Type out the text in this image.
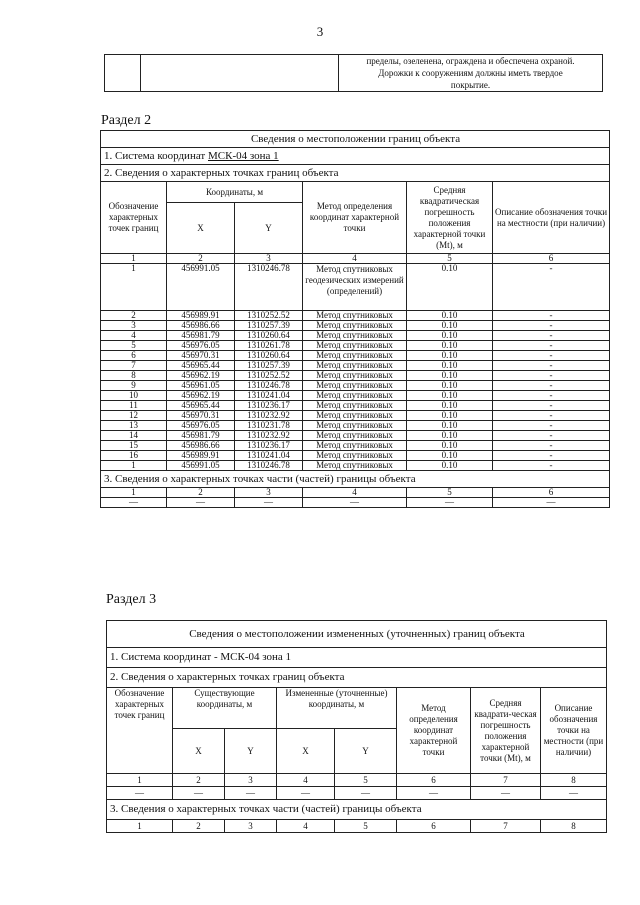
3

пределы, озеленена, ограждена и обеспечена охраной.
Дорожки к сооружениям должны иметь твердое
покрытие.
Раздел 2
Сведения о местоположении границ объекта					
1. Система координат МСК-04 зона 1					
2. Сведения о характерных точках границ объекта					
Обозначение характерных точек границ	Координаты, м		Метод определения координат характерной точки	Средняя квадратическая погрешность положения характерной точки (Mt), м	Описание обозначения точки на местности (при наличии)
	X	Y			
1	2	3	4	5	6
1	456991.05	1310246.78	Метод спутниковых геодезических измерений (определений)	0.10	-
2	456989.91	1310252.52	Метод спутниковых	0.10	-
3	456986.66	1310257.39	Метод спутниковых	0.10	-
4	456981.79	1310260.64	Метод спутниковых	0.10	-
5	456976.05	1310261.78	Метод спутниковых	0.10	-
6	456970.31	1310260.64	Метод спутниковых	0.10	-
7	456965.44	1310257.39	Метод спутниковых	0.10	-
8	456962.19	1310252.52	Метод спутниковых	0.10	-
9	456961.05	1310246.78	Метод спутниковых	0.10	-
10	456962.19	1310241.04	Метод спутниковых	0.10	-
11	456965.44	1310236.17	Метод спутниковых	0.10	-
12	456970.31	1310232.92	Метод спутниковых	0.10	-
13	456976.05	1310231.78	Метод спутниковых	0.10	-
14	456981.79	1310232.92	Метод спутниковых	0.10	-
15	456986.66	1310236.17	Метод спутниковых	0.10	-
16	456989.91	1310241.04	Метод спутниковых	0.10	-
1	456991.05	1310246.78	Метод спутниковых	0.10	-
3. Сведения о характерных точках части (частей) границы объекта					
1	2	3	4	5	6
—	—	—	—	—	—
Раздел 3
Сведения о местоположении измененных (уточненных) границ объекта							
1. Система координат - МСК-04 зона 1							
2. Сведения о характерных точках границ объекта							
Обозначение характерных точек границ	Существующие координаты, м		Измененные (уточненные) координаты, м		Метод определения координат характерной точки	Средняя квадрати-ческая погрешность положения характерной точки (Mt), м	Описание обозначения точки на местности (при наличии)
	X	Y	X	Y			
1	2	3	4	5	6	7	8
—	—	—	—	—	—	—	—
3. Сведения о характерных точках части (частей) границы объекта							
1	2	3	4	5	6	7	8
